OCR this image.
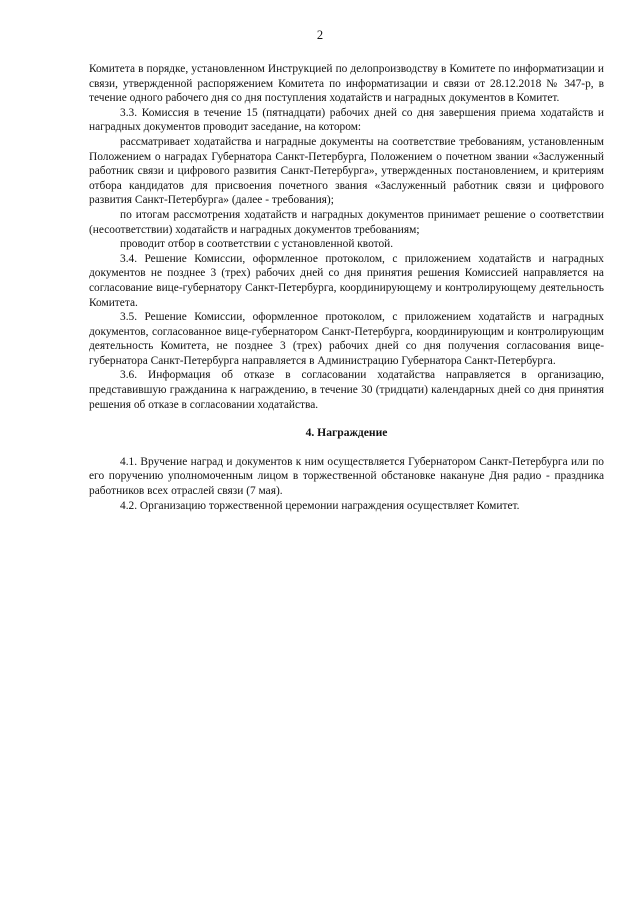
2

Комитета в порядке, установленном Инструкцией по делопроизводству в Комитете по информатизации и связи, утвержденной распоряжением Комитета по информатизации и связи от 28.12.2018 № 347-р, в течение одного рабочего дня со дня поступления ходатайств и наградных документов в Комитет.

3.3. Комиссия в течение 15 (пятнадцати) рабочих дней со дня завершения приема ходатайств и наградных документов проводит заседание, на котором:

рассматривает ходатайства и наградные документы на соответствие требованиям, установленным Положением о наградах Губернатора Санкт-Петербурга, Положением о почетном звании «Заслуженный работник связи и цифрового развития Санкт-Петербурга», утвержденных постановлением, и критериям отбора кандидатов для присвоения почетного звания «Заслуженный работник связи и цифрового развития Санкт-Петербурга» (далее - требования);

по итогам рассмотрения ходатайств и наградных документов принимает решение о соответствии (несоответствии) ходатайств и наградных документов требованиям;

проводит отбор в соответствии с установленной квотой.

3.4. Решение Комиссии, оформленное протоколом, с приложением ходатайств и наградных документов не позднее 3 (трех) рабочих дней со дня принятия решения Комиссией направляется на согласование вице-губернатору Санкт-Петербурга, координирующему и контролирующему деятельность Комитета.

3.5. Решение Комиссии, оформленное протоколом, с приложением ходатайств и наградных документов, согласованное вице-губернатором Санкт-Петербурга, координирующим и контролирующим деятельность Комитета, не позднее 3 (трех) рабочих дней со дня получения согласования вице-губернатора Санкт-Петербурга направляется в Администрацию Губернатора Санкт-Петербурга.

3.6. Информация об отказе в согласовании ходатайства направляется в организацию, представившую гражданина к награждению, в течение 30 (тридцати) календарных дней со дня принятия решения об отказе в согласовании ходатайства.

4. Награждение

4.1. Вручение наград и документов к ним осуществляется Губернатором Санкт-Петербурга или по его поручению уполномоченным лицом в торжественной обстановке накануне Дня радио - праздника работников всех отраслей связи (7 мая).

4.2. Организацию торжественной церемонии награждения осуществляет Комитет.
